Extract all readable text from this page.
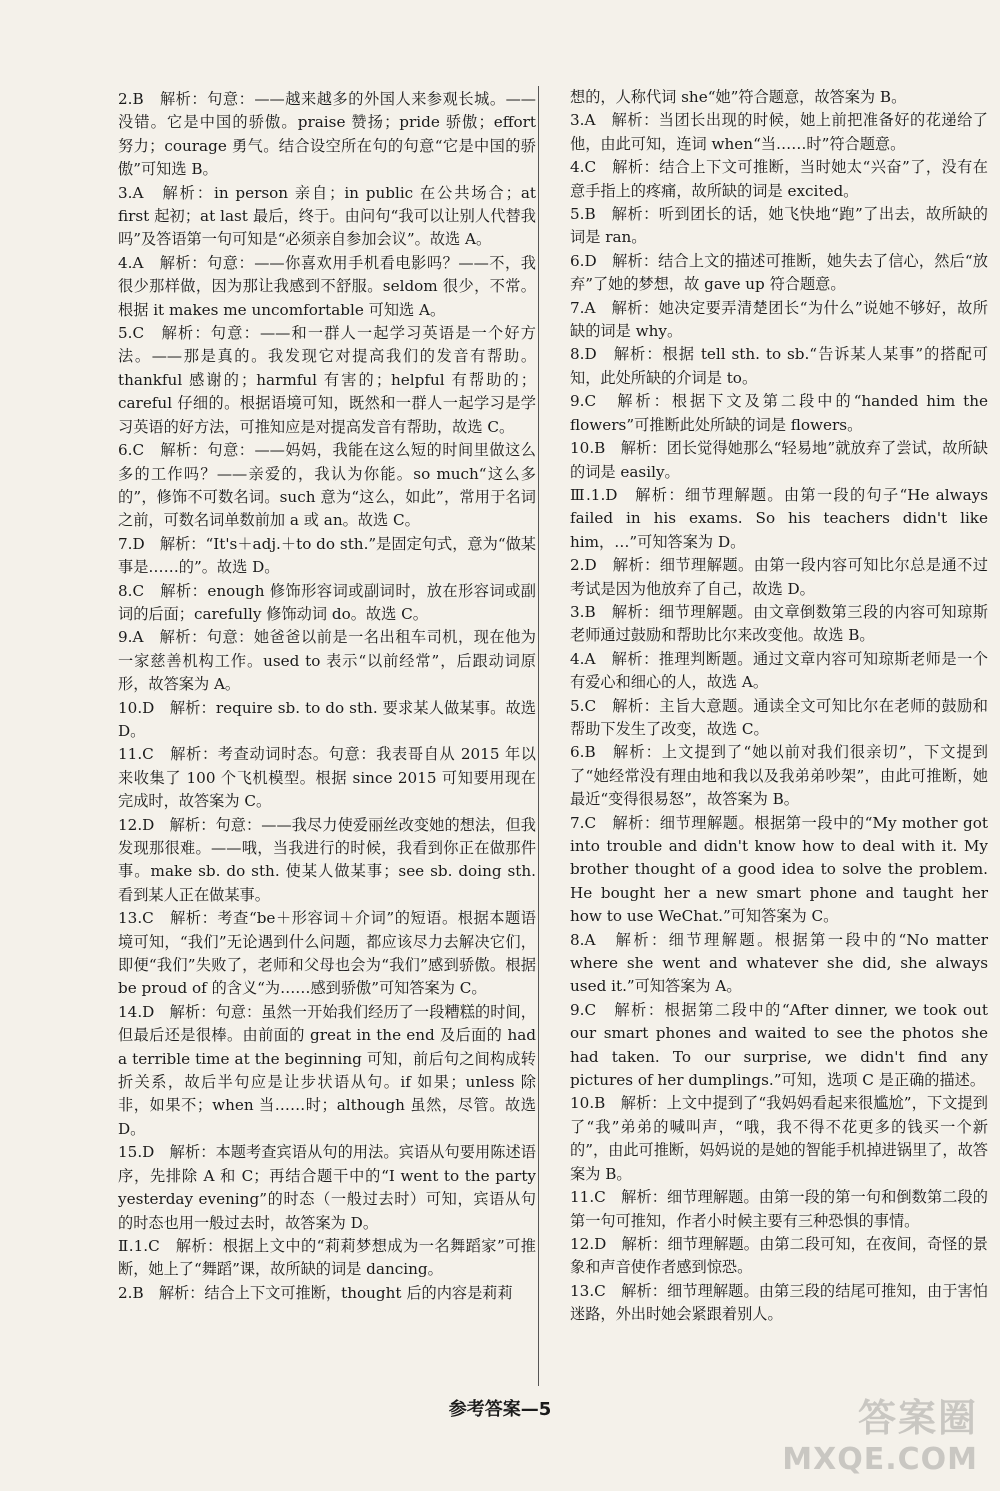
2.B　解析：句意：——越来越多的外国人来参观长城。——没错。它是中国的骄傲。praise 赞扬；pride 骄傲；effort 努力；courage 勇气。结合设空所在句的句意“它是中国的骄傲”可知选 B。

3.A　解析：in person 亲自；in public 在公共场合；at first 起初；at last 最后，终于。由问句“我可以让别人代替我吗”及答语第一句可知是“必须亲自参加会议”。故选 A。

4.A　解析：句意：——你喜欢用手机看电影吗？——不，我很少那样做，因为那让我感到不舒服。seldom 很少，不常。根据 it makes me uncomfortable 可知选 A。

5.C　解析：句意：——和一群人一起学习英语是一个好方法。——那是真的。我发现它对提高我们的发音有帮助。thankful 感谢的；harmful 有害的；helpful 有帮助的；careful 仔细的。根据语境可知，既然和一群人一起学习是学习英语的好方法，可推知应是对提高发音有帮助，故选 C。

6.C　解析：句意：——妈妈，我能在这么短的时间里做这么多的工作吗？——亲爱的，我认为你能。so much“这么多的”，修饰不可数名词。such 意为“这么，如此”，常用于名词之前，可数名词单数前加 a 或 an。故选 C。

7.D　解析：“It's＋adj.＋to do sth.”是固定句式，意为“做某事是……的”。故选 D。

8.C　解析：enough 修饰形容词或副词时，放在形容词或副词的后面；carefully 修饰动词 do。故选 C。

9.A　解析：句意：她爸爸以前是一名出租车司机，现在他为一家慈善机构工作。used to 表示“以前经常”，后跟动词原形，故答案为 A。

10.D　解析：require sb. to do sth. 要求某人做某事。故选 D。

11.C　解析：考查动词时态。句意：我表哥自从 2015 年以来收集了 100 个飞机模型。根据 since 2015 可知要用现在完成时，故答案为 C。

12.D　解析：句意：——我尽力使爱丽丝改变她的想法，但我发现那很难。——哦，当我进行的时候，我看到你正在做那件事。make sb. do sth. 使某人做某事；see sb. doing sth. 看到某人正在做某事。

13.C　解析：考查“be＋形容词＋介词”的短语。根据本题语境可知，“我们”无论遇到什么问题，都应该尽力去解决它们，即便“我们”失败了，老师和父母也会为“我们”感到骄傲。根据 be proud of 的含义“为……感到骄傲”可知答案为 C。

14.D　解析：句意：虽然一开始我们经历了一段糟糕的时间，但最后还是很棒。由前面的 great in the end 及后面的 had a terrible time at the beginning 可知，前后句之间构成转折关系，故后半句应是让步状语从句。if 如果；unless 除非，如果不；when 当……时；although 虽然，尽管。故选 D。

15.D　解析：本题考查宾语从句的用法。宾语从句要用陈述语序，先排除 A 和 C；再结合题干中的“I went to the party yesterday evening”的时态（一般过去时）可知，宾语从句的时态也用一般过去时，故答案为 D。

Ⅱ.1.C　解析：根据上文中的“莉莉梦想成为一名舞蹈家”可推断，她上了“舞蹈”课，故所缺的词是 dancing。

2.B　解析：结合上下文可推断，thought 后的内容是莉莉

想的，人称代词 she“她”符合题意，故答案为 B。

3.A　解析：当团长出现的时候，她上前把准备好的花递给了他，由此可知，连词 when“当……时”符合题意。

4.C　解析：结合上下文可推断，当时她太“兴奋”了，没有在意手指上的疼痛，故所缺的词是 excited。

5.B　解析：听到团长的话，她飞快地“跑”了出去，故所缺的词是 ran。

6.D　解析：结合上文的描述可推断，她失去了信心，然后“放弃”了她的梦想，故 gave up 符合题意。

7.A　解析：她决定要弄清楚团长“为什么”说她不够好，故所缺的词是 why。

8.D　解析：根据 tell sth. to sb.“告诉某人某事”的搭配可知，此处所缺的介词是 to。

9.C　解析：根据下文及第二段中的“handed him the flowers”可推断此处所缺的词是 flowers。

10.B　解析：团长觉得她那么“轻易地”就放弃了尝试，故所缺的词是 easily。

Ⅲ.1.D　解析：细节理解题。由第一段的句子“He always failed in his exams. So his teachers didn't like him，…”可知答案为 D。

2.D　解析：细节理解题。由第一段内容可知比尔总是通不过考试是因为他放弃了自己，故选 D。

3.B　解析：细节理解题。由文章倒数第三段的内容可知琼斯老师通过鼓励和帮助比尔来改变他。故选 B。

4.A　解析：推理判断题。通过文章内容可知琼斯老师是一个有爱心和细心的人，故选 A。

5.C　解析：主旨大意题。通读全文可知比尔在老师的鼓励和帮助下发生了改变，故选 C。

6.B　解析：上文提到了“她以前对我们很亲切”，下文提到了“她经常没有理由地和我以及我弟弟吵架”，由此可推断，她最近“变得很易怒”，故答案为 B。

7.C　解析：细节理解题。根据第一段中的“My mother got into trouble and didn't know how to deal with it. My brother thought of a good idea to solve the problem. He bought her a new smart phone and taught her how to use WeChat.”可知答案为 C。

8.A　解析：细节理解题。根据第一段中的“No matter where she went and whatever she did, she always used it.”可知答案为 A。

9.C　解析：根据第二段中的“After dinner, we took out our smart phones and waited to see the photos she had taken. To our surprise, we didn't find any pictures of her dumplings.”可知，选项 C 是正确的描述。

10.B　解析：上文中提到了“我妈妈看起来很尴尬”，下文提到了“我”弟弟的喊叫声，“哦，我不得不花更多的钱买一个新的”，由此可推断，妈妈说的是她的智能手机掉进锅里了，故答案为 B。

11.C　解析：细节理解题。由第一段的第一句和倒数第二段的第一句可推知，作者小时候主要有三种恐惧的事情。

12.D　解析：细节理解题。由第二段可知，在夜间，奇怪的景象和声音使作者感到惊恐。

13.C　解析：细节理解题。由第三段的结尾可推知，由于害怕迷路，外出时她会紧跟着别人。

参考答案—5	答案圈
MXQE.COM
